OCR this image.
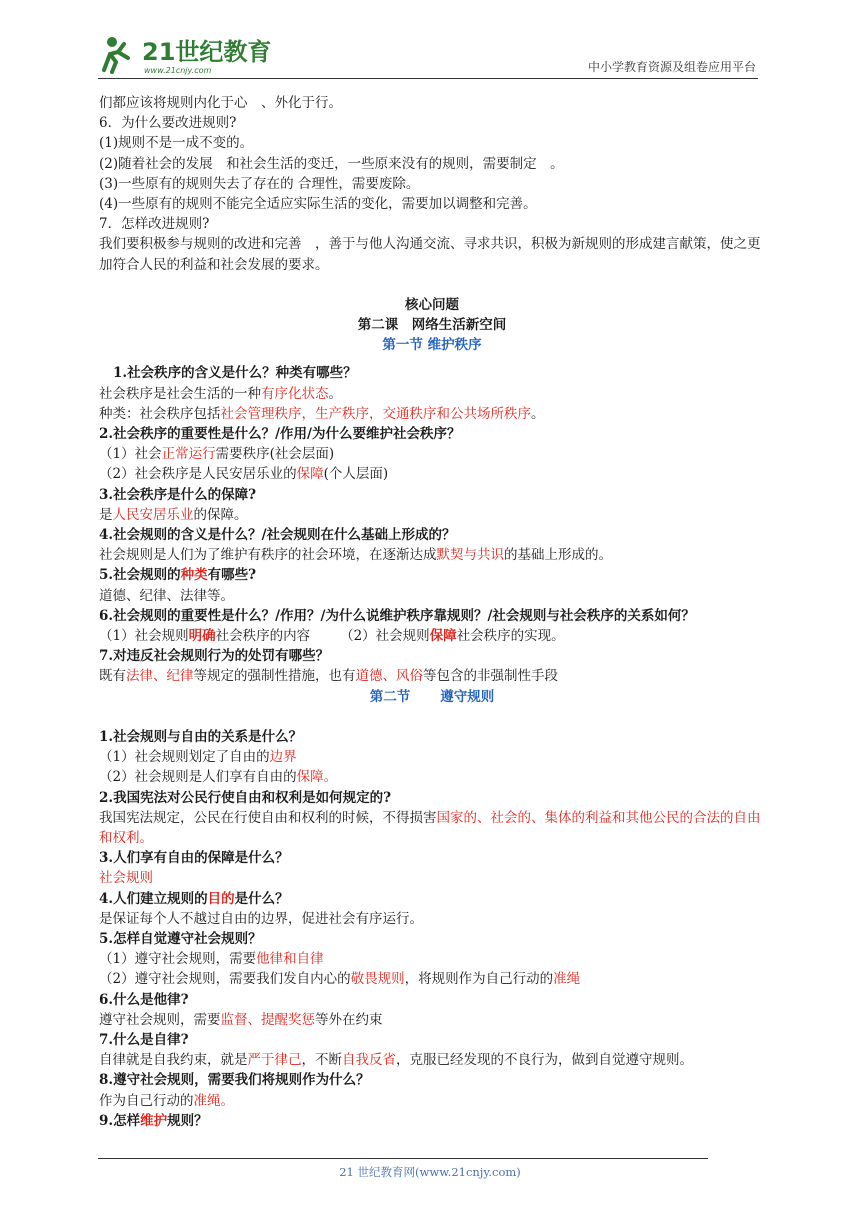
21世纪教育
www.21cnjy.com	中小学教育资源及组卷应用平台
们都应该将规则内化于心　、外化于行。
6．为什么要改进规则?
(1)规则不是一成不变的。
(2)随着社会的发展　和社会生活的变迁，一些原来没有的规则，需要制定　。
(3)一些原有的规则失去了存在的 合理性，需要废除。
(4)一些原有的规则不能完全适应实际生活的变化，需要加以调整和完善。
7．怎样改进规则?
我们要积极参与规则的改进和完善　，善于与他人沟通交流、寻求共识，积极为新规则的形成建言献策，使之更加符合人民的利益和社会发展的要求。
核心问题
第二课　网络生活新空间
第一节 维护秩序
1.社会秩序的含义是什么？种类有哪些？
社会秩序是社会生活的一种有序化状态。
种类：社会秩序包括社会管理秩序，生产秩序，交通秩序和公共场所秩序。
2.社会秩序的重要性是什么？/作用/为什么要维护社会秩序？
（1）社会正常运行需要秩序(社会层面)
（2）社会秩序是人民安居乐业的保障(个人层面)
3.社会秩序是什么的保障?
是人民安居乐业的保障。
4.社会规则的含义是什么？/社会规则在什么基础上形成的？
社会规则是人们为了维护有秩序的社会环境，在逐渐达成默契与共识的基础上形成的。
5.社会规则的种类有哪些?
道德、纪律、法律等。
6.社会规则的重要性是什么？/作用？/为什么说维护秩序靠规则？/社会规则与社会秩序的关系如何？
（1）社会规则明确社会秩序的内容 （2）社会规则保障社会秩序的实现。
7.对违反社会规则行为的处罚有哪些？
既有法律、纪律等规定的强制性措施，也有道德、风俗等包含的非强制性手段
第二节 遵守规则
1.社会规则与自由的关系是什么？
（1）社会规则划定了自由的边界
（2）社会规则是人们享有自由的保障。
2.我国宪法对公民行使自由和权利是如何规定的?
我国宪法规定，公民在行使自由和权利的时候，不得损害国家的、社会的、集体的利益和其他公民的合法的自由和权利。
3.人们享有自由的保障是什么？
社会规则
4.人们建立规则的目的是什么？
是保证每个人不越过自由的边界，促进社会有序运行。
5.怎样自觉遵守社会规则？
（1）遵守社会规则，需要他律和自律
（2）遵守社会规则，需要我们发自内心的敬畏规则，将规则作为自己行动的准绳
6.什么是他律?
遵守社会规则，需要监督、提醒奖惩等外在约束
7.什么是自律?
自律就是自我约束，就是严于律己，不断自我反省，克服已经发现的不良行为，做到自觉遵守规则。
8.遵守社会规则，需要我们将规则作为什么？
作为自己行动的准绳。
9.怎样维护规则？
21 世纪教育网(www.21cnjy.com)
